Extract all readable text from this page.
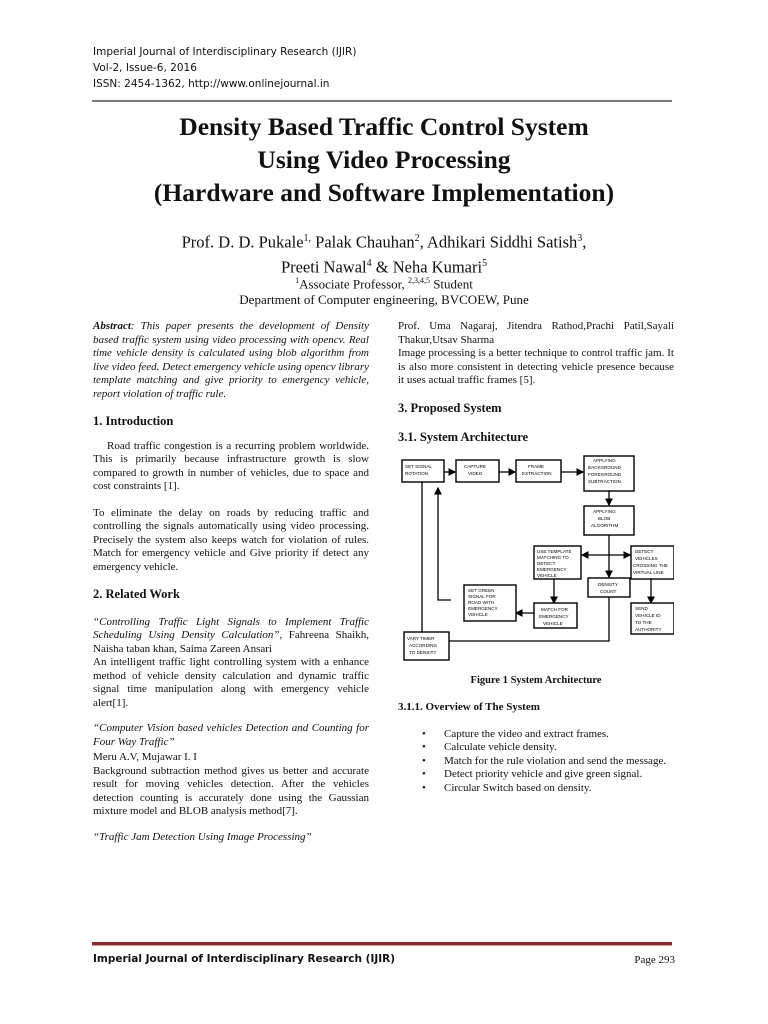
Imperial Journal of Interdisciplinary Research (IJIR)
Vol-2, Issue-6, 2016
ISSN: 2454-1362, http://www.onlinejournal.in
Density Based Traffic Control System
Using Video Processing
(Hardware and Software Implementation)
Prof. D. D. Pukale$^{1,}$ Palak Chauhan$^2$, Adhikari Siddhi Satish$^3$,
Preeti Nawal$^4$ & Neha Kumari$^5$
$^1$Associate Professor, $^{2,3,4,5}$ Student
Department of Computer engineering, BVCOEW, Pune

Abstract: This paper presents the development of Density based traffic system using video processing with opencv. Real time vehicle density is calculated using blob algorithm from live video feed. Detect emergency vehicle using opencv library template matching and give priority to emergency vehicle, report violation of traffic rule.

1. Introduction

Road traffic congestion is a recurring problem worldwide. This is primarily because infrastructure growth is slow compared to growth in number of vehicles, due to space and cost constraints [1].

To eliminate the delay on roads by reducing traffic and controlling the signals automatically using video processing. Precisely the system also keeps watch for violation of rules. Match for emergency vehicle and Give priority if detect any emergency vehicle.

2. Related Work

“Controlling Traffic Light Signals to Implement Traffic Scheduling Using Density Calculation”, Fahreena Shaikh, Naisha taban khan, Saima Zareen Ansari

An intelligent traffic light controlling system with a enhance method of vehicle density calculation and dynamic traffic signal time manipulation along with emergency vehicle alert[1].

“Computer Vision based vehicles Detection and Counting for Four Way Traffic”

Meru A.V, Mujawar I. I

Background subtraction method gives us better and accurate result for moving vehicles detection. After the vehicles detection counting is accurately done using the Gaussian mixture model and BLOB analysis method[7].

“Traffic Jam Detection Using Image Processing”

Prof. Uma Nagaraj, Jitendra Rathod,Prachi Patil,Sayali Thakur,Utsav Sharma

Image processing is a better technique to control traffic jam. It is also more consistent in detecting vehicle presence because it uses actual traffic frames [5].

3. Proposed System
3.1. System Architecture
SET SIGNAL
ROTATION
CAPTURE
VIDEO
FRAME
EXTRACTION
APPLYING
BACKGROUND
FOREGROUND
SUBTRACTION
APPLYING
BLOB
ALGORITHM
USE TEMPLATE
MATCHING TO
DETECT
EMERGENCY
VEHICLE
DETECT
VEHICLES
CROSSING THE
VIRTUAL LINE
DENSITY
COUNT
SET GREEN
SIGNAL FOR
ROAD WITH
EMERGENCY
VEHICLE
MATCH FOR
EMERGENCY
VEHICLE
SEND
VEHICLE ID
TO THE
AUTHORITY
VARY TIMER
ACCORDING
TO DENSITY

Figure 1 System Architecture

3.1.1. Overview of The System
• Capture the video and extract frames.
• Calculate vehicle density.
• Match for the rule violation and send the message.
• Detect priority vehicle and give green signal.
• Circular Switch based on density.
Imperial Journal of Interdisciplinary Research (IJIR)	Page 293
